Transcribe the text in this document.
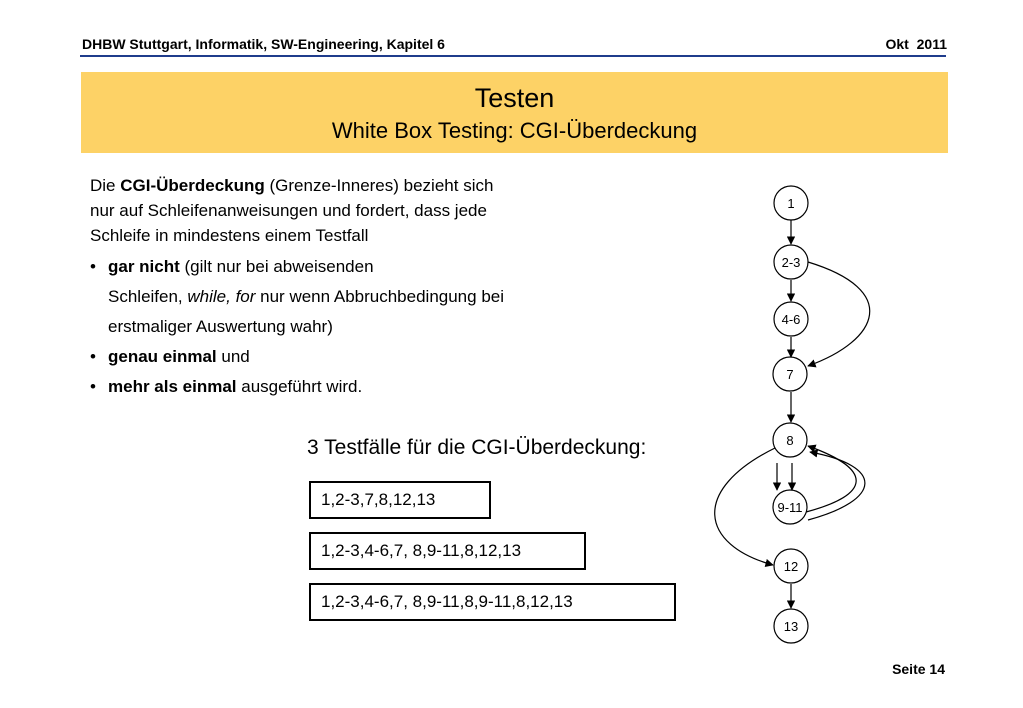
DHBW Stuttgart, Informatik, SW-Engineering, Kapitel 6	Okt  2011
Testen
White Box Testing: CGI-Überdeckung
Die CGI-Überdeckung (Grenze-Inneres) bezieht sich
nur auf Schleifenanweisungen und fordert, dass jede
Schleife in mindestens einem Testfall
• gar nicht (gilt nur bei abweisenden
Schleifen, while, for nur wenn Abbruchbedingung bei
erstmaliger Auswertung wahr)
• genau einmal und
• mehr als einmal ausgeführt wird.
3 Testfälle für die CGI-Überdeckung:
1,2-3,7,8,12,13
1,2-3,4-6,7, 8,9-11,8,12,13
1,2-3,4-6,7, 8,9-11,8,9-11,8,12,13
1
2-3
4-6
7
8
9-11
12
13
Seite 14
